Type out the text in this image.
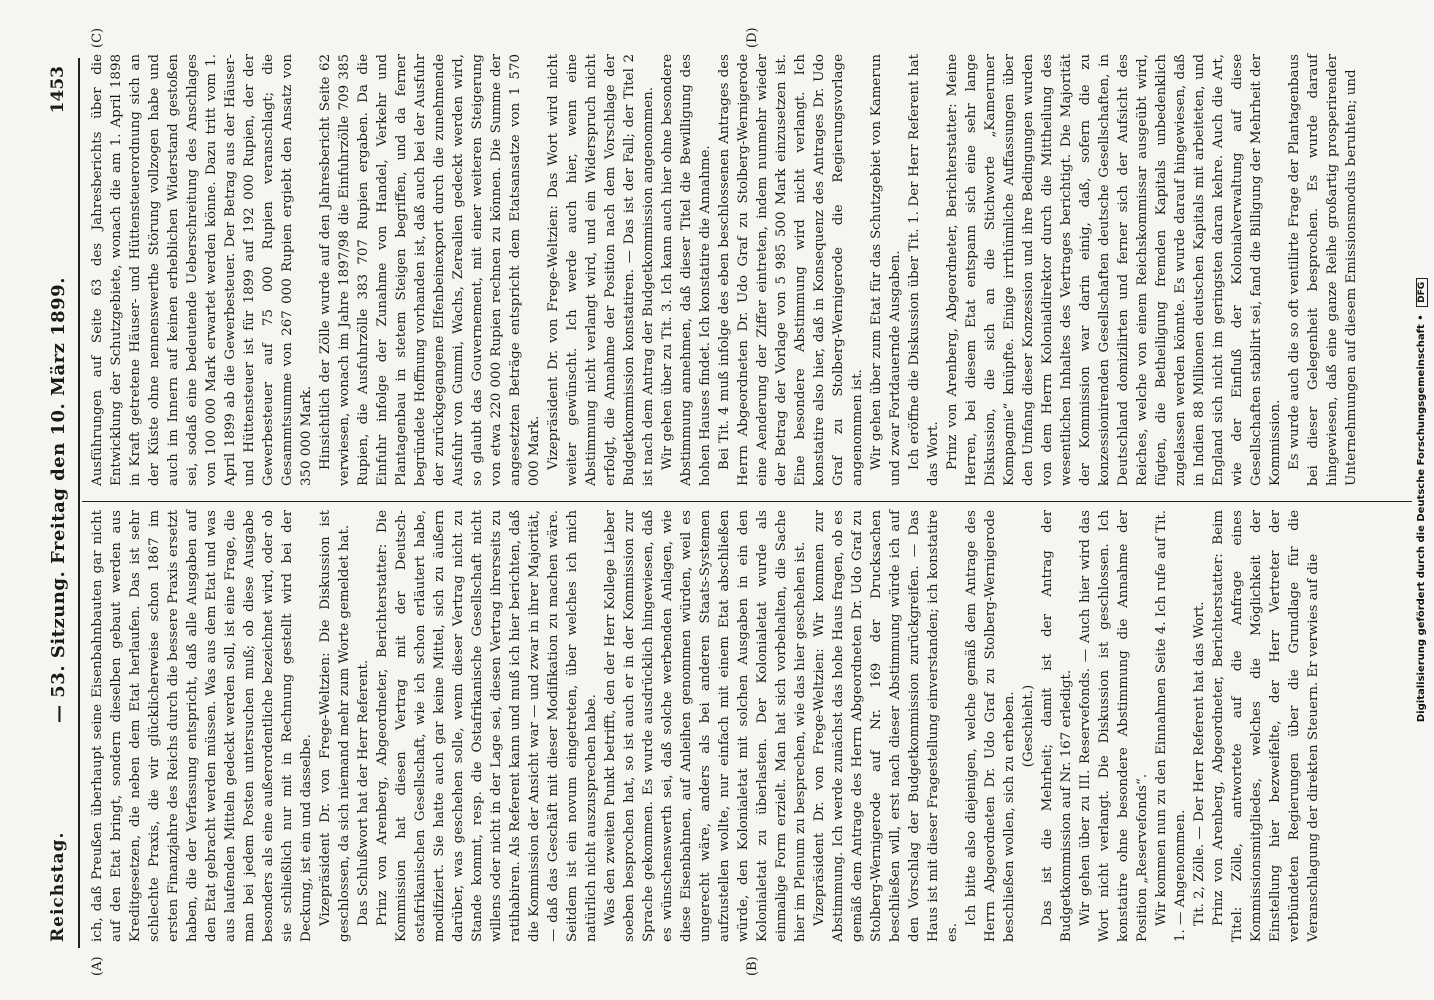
Reichstag.
— 53. Sitzung. Freitag den 10. März 1899.
1453
(A)	(B)
(C)	(D)

ich, daß Preußen überhaupt seine Eisenbahnbauten gar nicht auf den Etat bringt, sondern dieselben gebaut werden aus Kreditgesetzen, die neben dem Etat herlaufen. Das ist sehr schlechte Praxis, die wir glücklicherweise schon 1867 im ersten Finanzjahre des Reichs durch die bessere Praxis ersetzt haben, die der Verfassung entspricht, daß alle Ausgaben auf den Etat gebracht werden müssen. Was aus dem Etat und was aus laufenden Mitteln gedeckt werden soll, ist eine Frage, die man bei jedem Posten untersuchen muß; ob diese Ausgabe besonders als eine außerordentliche bezeichnet wird, oder ob sie schließlich nur mit in Rechnung gestellt wird bei der Deckung, ist ein und dasselbe. Vizepräsident Dr. von Frege-Weltzien: Die Diskussion ist geschlossen, da sich niemand mehr zum Worte gemeldet hat. Das Schlußwort hat der Herr Referent. Prinz von Arenberg, Abgeordneter, Berichterstatter: Die Kommission hat diesen Vertrag mit der Deutsch-ostafrikanischen Gesellschaft, wie ich schon erläutert habe, modifiziert. Sie hatte auch gar keine Mittel, sich zu äußern darüber, was geschehen solle, wenn dieser Vertrag nicht zu Stande kommt, resp. die Ostafrikanische Gesellschaft nicht willens oder nicht in der Lage sei, diesen Vertrag ihrerseits zu ratihabiren. Als Referent kann und muß ich hier berichten, daß die Kommission der Ansicht war — und zwar in ihrer Majorität, — daß das Geschäft mit dieser Modifikation zu machen wäre. Seitdem ist ein novum eingetreten, über welches ich mich natürlich nicht auszusprechen habe. Was den zweiten Punkt betrifft, den der Herr Kollege Lieber soeben besprochen hat, so ist auch er in der Kommission zur Sprache gekommen. Es wurde ausdrücklich hingewiesen, daß es wünschenswerth sei, daß solche werbenden Anlagen, wie diese Eisenbahnen, auf Anleihen genommen würden, weil es ungerecht wäre, anders als bei anderen Staats-Systemen aufzustellen wollte, nur einfach mit einem Etat abschließen würde, den Kolonialetat mit solchen Ausgaben in ein den Kolonialetat zu überlasten. Der Kolonialetat wurde als einmalige Form erzielt. Man hat sich vorbehalten, die Sache hier im Plenum zu besprechen, wie das hier geschehen ist. Vizepräsident Dr. von Frege-Weltzien: Wir kommen zur Abstimmung. Ich werde zunächst das hohe Haus fragen, ob es gemäß dem Antrage des Herrn Abgeordneten Dr. Udo Graf zu Stolberg-Wernigerode auf Nr. 169 der Drucksachen beschließen will, erst nach dieser Abstimmung würde ich auf den Vorschlag der Budgetkommission zurückgreifen. — Das Haus ist mit dieser Fragestellung einverstanden; ich konstatire es.

Ich bitte also diejenigen, welche gemäß dem Antrage des Herrn Abgeordneten Dr. Udo Graf zu Stolberg-Wernigerode beschließen wollen, sich zu erheben. (Geschieht.) Das ist die Mehrheit; damit ist der Antrag der Budgetkommission auf Nr. 167 erledigt. Wir gehen über zu III. Reservefonds. — Auch hier wird das Wort nicht verlangt. Die Diskussion ist geschlossen. Ich konstatire ohne besondere Abstimmung die Annahme der Position „Reservefonds“. Wir kommen nun zu den Einnahmen Seite 4. Ich rufe auf Tit. 1. — Angenommen. Tit. 2, Zölle. — Der Herr Referent hat das Wort. Prinz von Arenberg, Abgeordneter, Berichterstatter: Beim Titel: Zölle, antwortete auf die Anfrage eines Kommissionsmitgliedes, welches die Möglichkeit der Einstellung hier bezweifelte, der Herr Vertreter der verbündeten Regierungen über die Grundlage für die Veranschlagung der direkten Steuern. Er verwies auf die

Ausführungen auf Seite 63 des Jahresberichts über die Entwicklung der Schutzgebiete, wonach die am 1. April 1898 in Kraft getretene Häuser- und Hüttensteuerordnung sich an der Küste ohne nennenswerthe Störung vollzogen habe und auch im Innern auf keinen erheblichen Widerstand gestoßen sei, sodaß eine bedeutende Ueberschreitung des Anschlages von 100 000 Mark erwartet werden könne. Dazu tritt vom 1. April 1899 ab die Gewerbesteuer. Der Betrag aus der Häuser- und Hüttensteuer ist für 1899 auf 192 000 Rupien, der der Gewerbesteuer auf 75 000 Rupien veranschlagt; die Gesammtsumme von 267 000 Rupien ergiebt den Ansatz von 350 000 Mark. Hinsichtlich der Zölle wurde auf den Jahresbericht Seite 62 verwiesen, wonach im Jahre 1897/98 die Einfuhrzölle 709 385 Rupien, die Ausfuhrzölle 383 707 Rupien ergaben. Da die Einfuhr infolge der Zunahme von Handel, Verkehr und Plantagenbau in stetem Steigen begriffen, und da ferner begründete Hoffnung vorhanden ist, daß auch bei der Ausfuhr der zurückgegangene Elfenbeinexport durch die zunehmende Ausfuhr von Gummi, Wachs, Zerealien gedeckt werden wird, so glaubt das Gouvernement, mit einer weiteren Steigerung von etwa 220 000 Rupien rechnen zu können. Die Summe der angesetzten Beträge entspricht dem Etatsansatze von 1 570 000 Mark. Vizepräsident Dr. von Frege-Weltzien: Das Wort wird nicht weiter gewünscht. Ich werde auch hier, wenn eine Abstimmung nicht verlangt wird, und ein Widerspruch nicht erfolgt, die Annahme der Position nach dem Vorschlage der Budgetkommission konstatiren. — Das ist der Fall; der Titel 2 ist nach dem Antrag der Budgetkommission angenommen. Wir gehen über zu Tit. 3. Ich kann auch hier ohne besondere Abstimmung annehmen, daß dieser Titel die Bewilligung des hohen Hauses findet. Ich konstatire die Annahme. Bei Tit. 4 muß infolge des eben beschlossenen Antrages des Herrn Abgeordneten Dr. Udo Graf zu Stolberg-Wernigerode eine Aenderung der Ziffer eintreten, indem nunmehr wieder der Betrag der Vorlage von 5 985 500 Mark einzusetzen ist. Eine besondere Abstimmung wird nicht verlangt. Ich konstatire also hier, daß in Konsequenz des Antrages Dr. Udo Graf zu Stolberg-Wernigerode die Regierungsvorlage angenommen ist. Wir gehen über zum Etat für das Schutzgebiet von Kamerun und zwar Fortdauernde Ausgaben. Ich eröffne die Diskussion über Tit. 1. Der Herr Referent hat das Wort. Prinz von Arenberg, Abgeordneter, Berichterstatter: Meine Herren, bei diesem Etat entspann sich eine sehr lange Diskussion, die sich an die Stichworte „Kameruner Kompagnie“ knüpfte. Einige irrthümliche Auffassungen über den Umfang dieser Konzession und ihre Bedingungen wurden von dem Herrn Kolonialdirektor durch die Mittheilung des wesentlichen Inhaltes des Vertrages berichtigt. Die Majorität der Kommission war darin einig, daß, sofern die zu konzessionirenden Gesellschaften deutsche Gesellschaften, in Deutschland domizilirten und ferner sich der Aufsicht des Reiches, welche von einem Reichskommissar ausgeübt wird, fügten, die Betheiligung fremden Kapitals unbedenklich zugelassen werden könnte. Es wurde darauf hingewiesen, daß in Indien 88 Millionen deutschen Kapitals mit arbeiteten, und England sich nicht im geringsten daran kehre. Auch die Art, wie der Einfluß der Kolonialverwaltung auf diese Gesellschaften stabilirt sei, fand die Billigung der Mehrheit der Kommission. Es wurde auch die so oft ventilirte Frage der Plantagenbaus bei dieser Gelegenheit besprochen. Es wurde darauf hingewiesen, daß eine ganze Reihe großartig prosperirender Unternehmungen auf diesem Emissionsmodus beruhten; und

Digitalisierung gefördert durch die Deutsche Forschungsgemeinschaft • DFG
